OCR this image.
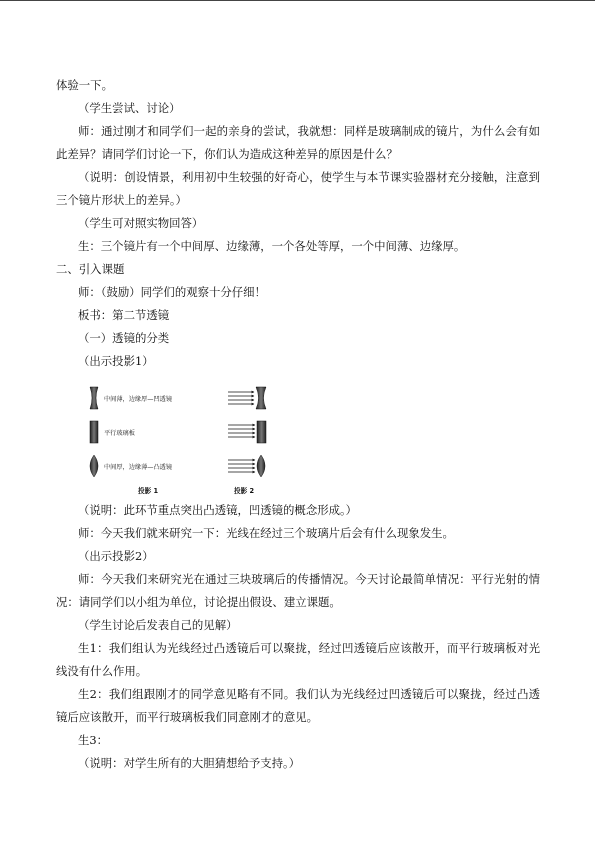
体验一下。
（学生尝试、讨论）
师：通过刚才和同学们一起的亲身的尝试，我就想：同样是玻璃制成的镜片，为什么会有如此差异？请同学们讨论一下，你们认为造成这种差异的原因是什么？
（说明：创设情景，利用初中生较强的好奇心，使学生与本节课实验器材充分接触，注意到三个镜片形状上的差异。）
（学生可对照实物回答）
生：三个镜片有一个中间厚、边缘薄，一个各处等厚，一个中间薄、边缘厚。
二、引入课题
师：（鼓励）同学们的观察十分仔细！
板书：第二节透镜
（一）透镜的分类
（出示投影1）
中间薄，边缘厚—凹透镜
平行玻璃板
中间厚，边缘薄—凸透镜
投影 1	投影 2
（说明：此环节重点突出凸透镜，凹透镜的概念形成。）
师：今天我们就来研究一下：光线在经过三个玻璃片后会有什么现象发生。
（出示投影2）
师：今天我们来研究光在通过三块玻璃后的传播情况。今天讨论最简单情况：平行光射的情况：请同学们以小组为单位，讨论提出假设、建立课题。
（学生讨论后发表自己的见解）
生1：我们组认为光线经过凸透镜后可以聚拢，经过凹透镜后应该散开，而平行玻璃板对光线没有什么作用。
生2：我们组跟刚才的同学意见略有不同。我们认为光线经过凹透镜后可以聚拢，经过凸透镜后应该散开，而平行玻璃板我们同意刚才的意见。
生3：
（说明：对学生所有的大胆猜想给予支持。）
